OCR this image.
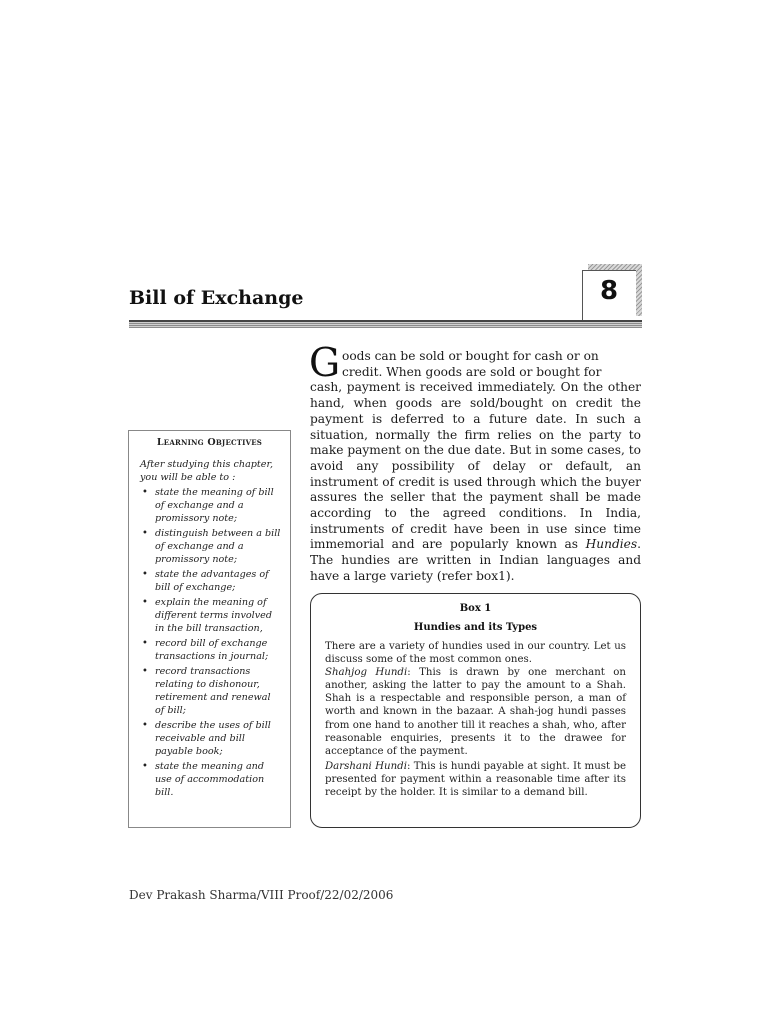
Bill of Exchange	8
Learning Objectives
After studying this chapter, you will be able to :
• state the meaning of bill of exchange and a promissory note;
• distinguish between a bill of exchange and a promissory note;
• state the advantages of bill of exchange;
• explain the meaning of different terms involved in the bill transaction,
• record bill of exchange transactions in journal;
• record transactions relating to dishonour, retirement and renewal of bill;
• describe the uses of bill receivable and bill payable book;
• state the meaning and use of accommodation bill.
G oods can be sold or bought for cash or on
credit. When goods are sold or bought for
cash, payment is received immediately. On the other hand, when goods are sold/bought on credit the payment is deferred to a future date. In such a situation, normally the firm relies on the party to make payment on the due date. But in some cases, to avoid any possibility of delay or default, an instrument of credit is used through which the buyer assures the seller that the payment shall be made according to the agreed conditions. In India, instruments of credit have been in use since time immemorial and are popularly known as Hundies. The hundies are written in Indian languages and have a large variety (refer box1).
Box 1
Hundies and its Types

There are a variety of hundies used in our country. Let us discuss some of the most common ones.
Shahjog Hundi: This is drawn by one merchant on another, asking the latter to pay the amount to a Shah. Shah is a respectable and responsible person, a man of worth and known in the bazaar. A shah-jog hundi passes from one hand to another till it reaches a shah, who, after reasonable enquiries, presents it to the drawee for acceptance of the payment.

Darshani Hundi: This is hundi payable at sight. It must be presented for payment within a reasonable time after its receipt by the holder. It is similar to a demand bill.

Dev Prakash Sharma/VIII Proof/22/02/2006
